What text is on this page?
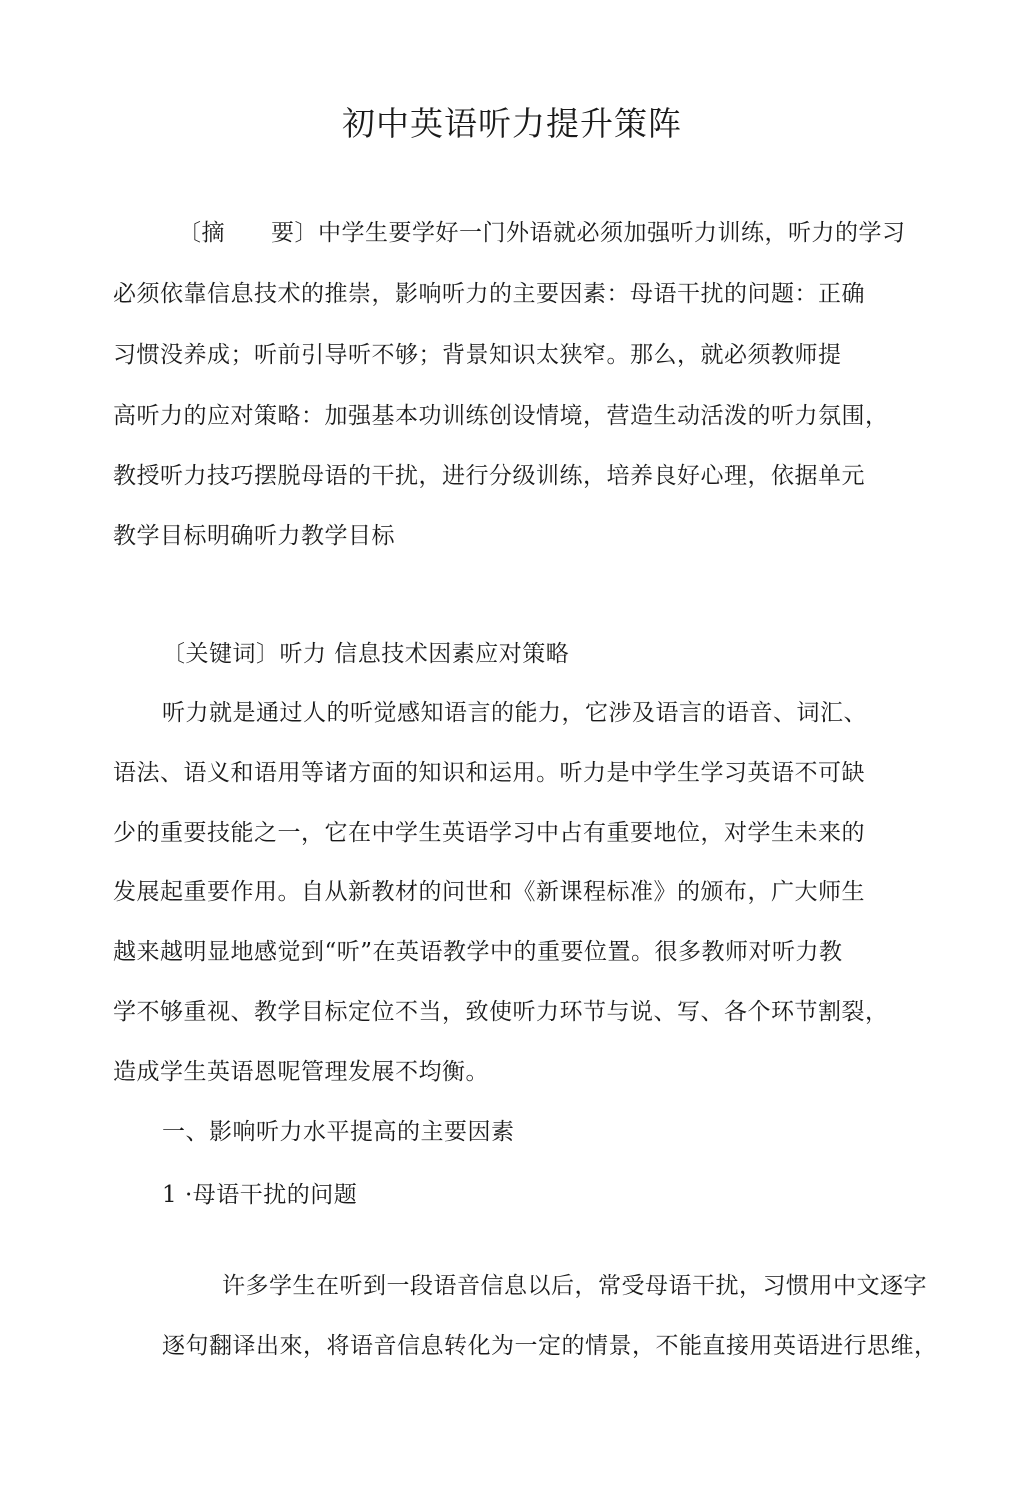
初中英语听力提升策阵
〔摘 要〕中学生要学好一门外语就必须加强听力训练，听力的学习
必须依靠信息技术的推崇，影响听力的主要因素：母语干扰的问题：正确
习惯没养成；听前引导听不够；背景知识太狭窄。那么，就必须教师提
高听力的应对策略：加强基本功训练创设情境，营造生动活泼的听力氛围，
教授听力技巧摆脱母语的干扰，进行分级训练，培养良好心理，依据单元
教学目标明确听力教学目标
〔关键词〕听力 信息技术因素应对策略
听力就是通过人的听觉感知语言的能力，它涉及语言的语音、词汇、
语法、语义和语用等诸方面的知识和运用。听力是中学生学习英语不可缺
少的重要技能之一，它在中学生英语学习中占有重要地位，对学生未来的
发展起重要作用。自从新教材的问世和《新课程标准》的颁布，广大师生
越来越明显地感觉到“听”在英语教学中的重要位置。很多教师对听力教
学不够重视、教学目标定位不当，致使听力环节与说、写、各个环节割裂，
造成学生英语恩呢管理发展不均衡。
一、影响听力水平提高的主要因素
1 ·母语干扰的问题
许多学生在听到一段语音信息以后，常受母语干扰，习惯用中文逐字
逐句翻译出來，将语音信息转化为一定的情景，不能直接用英语进行思维，
